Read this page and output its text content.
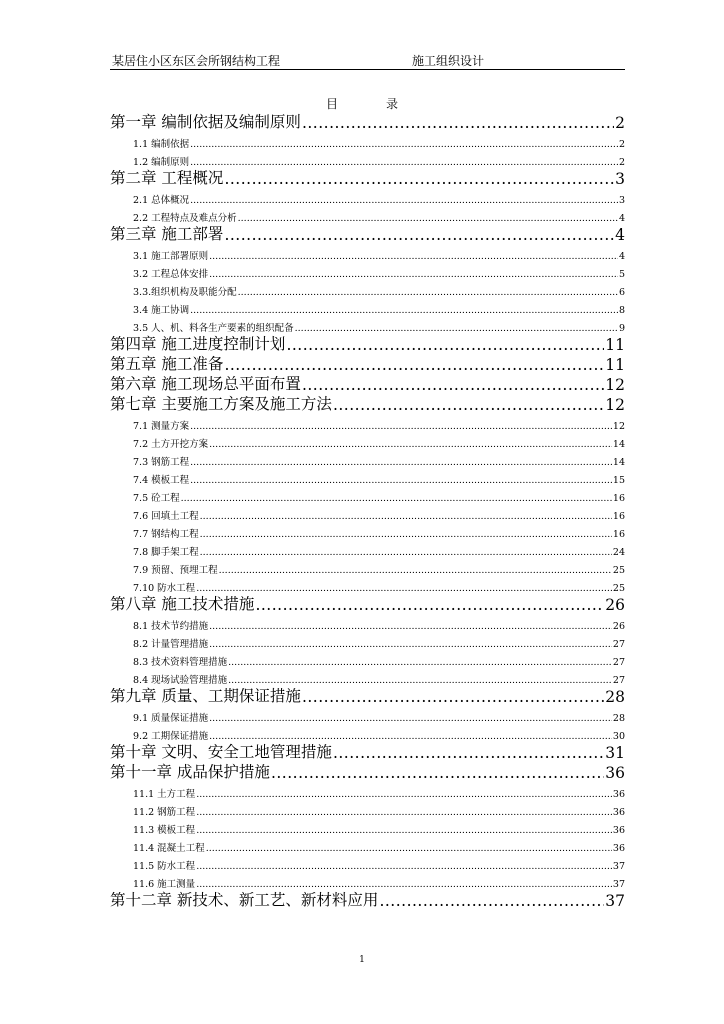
某居住小区东区会所钢结构工程	施工组织设计
目	录
第一章 编制依据及编制原则 .....	2
1.1 编制依据 .....	2
1.2 编制原则 .....	2
第二章 工程概况 .....	3
2.1 总体概况 .....	3
2.2 工程特点及难点分析 .....	4
第三章 施工部署 .....	4
3.1 施工部署原则 .....	4
3.2 工程总体安排 .....	5
3.3.组织机构及职能分配 .....	6
3.4 施工协调 .....	8
3.5 人、机、料各生产要素的组织配备 .....	9
第四章 施工进度控制计划 .....	11
第五章 施工准备 .....	11
第六章 施工现场总平面布置 .....	12
第七章 主要施工方案及施工方法 .....	12
7.1 测量方案 .....	12
7.2 土方开挖方案 .....	14
7.3 钢筋工程 .....	14
7.4 模板工程 .....	15
7.5 砼工程 .....	16
7.6 回填土工程 .....	16
7.7 钢结构工程 .....	16
7.8 脚手架工程 .....	24
7.9 预留、预埋工程 .....	25
7.10 防水工程 .....	25
第八章 施工技术措施 .....	26
8.1 技术节约措施 .....	26
8.2 计量管理措施 .....	27
8.3 技术资料管理措施 .....	27
8.4 现场试验管理措施 .....	27
第九章 质量、工期保证措施 .....	28
9.1 质量保证措施 .....	28
9.2 工期保证措施 .....	30
第十章 文明、安全工地管理措施 .....	31
第十一章 成品保护措施 .....	36
11.1 土方工程 .....	36
11.2 钢筋工程 .....	36
11.3 模板工程 .....	36
11.4 混凝土工程 .....	36
11.5 防水工程 .....	37
11.6 施工测量 .....	37
第十二章 新技术、新工艺、新材料应用 .....	37
1
